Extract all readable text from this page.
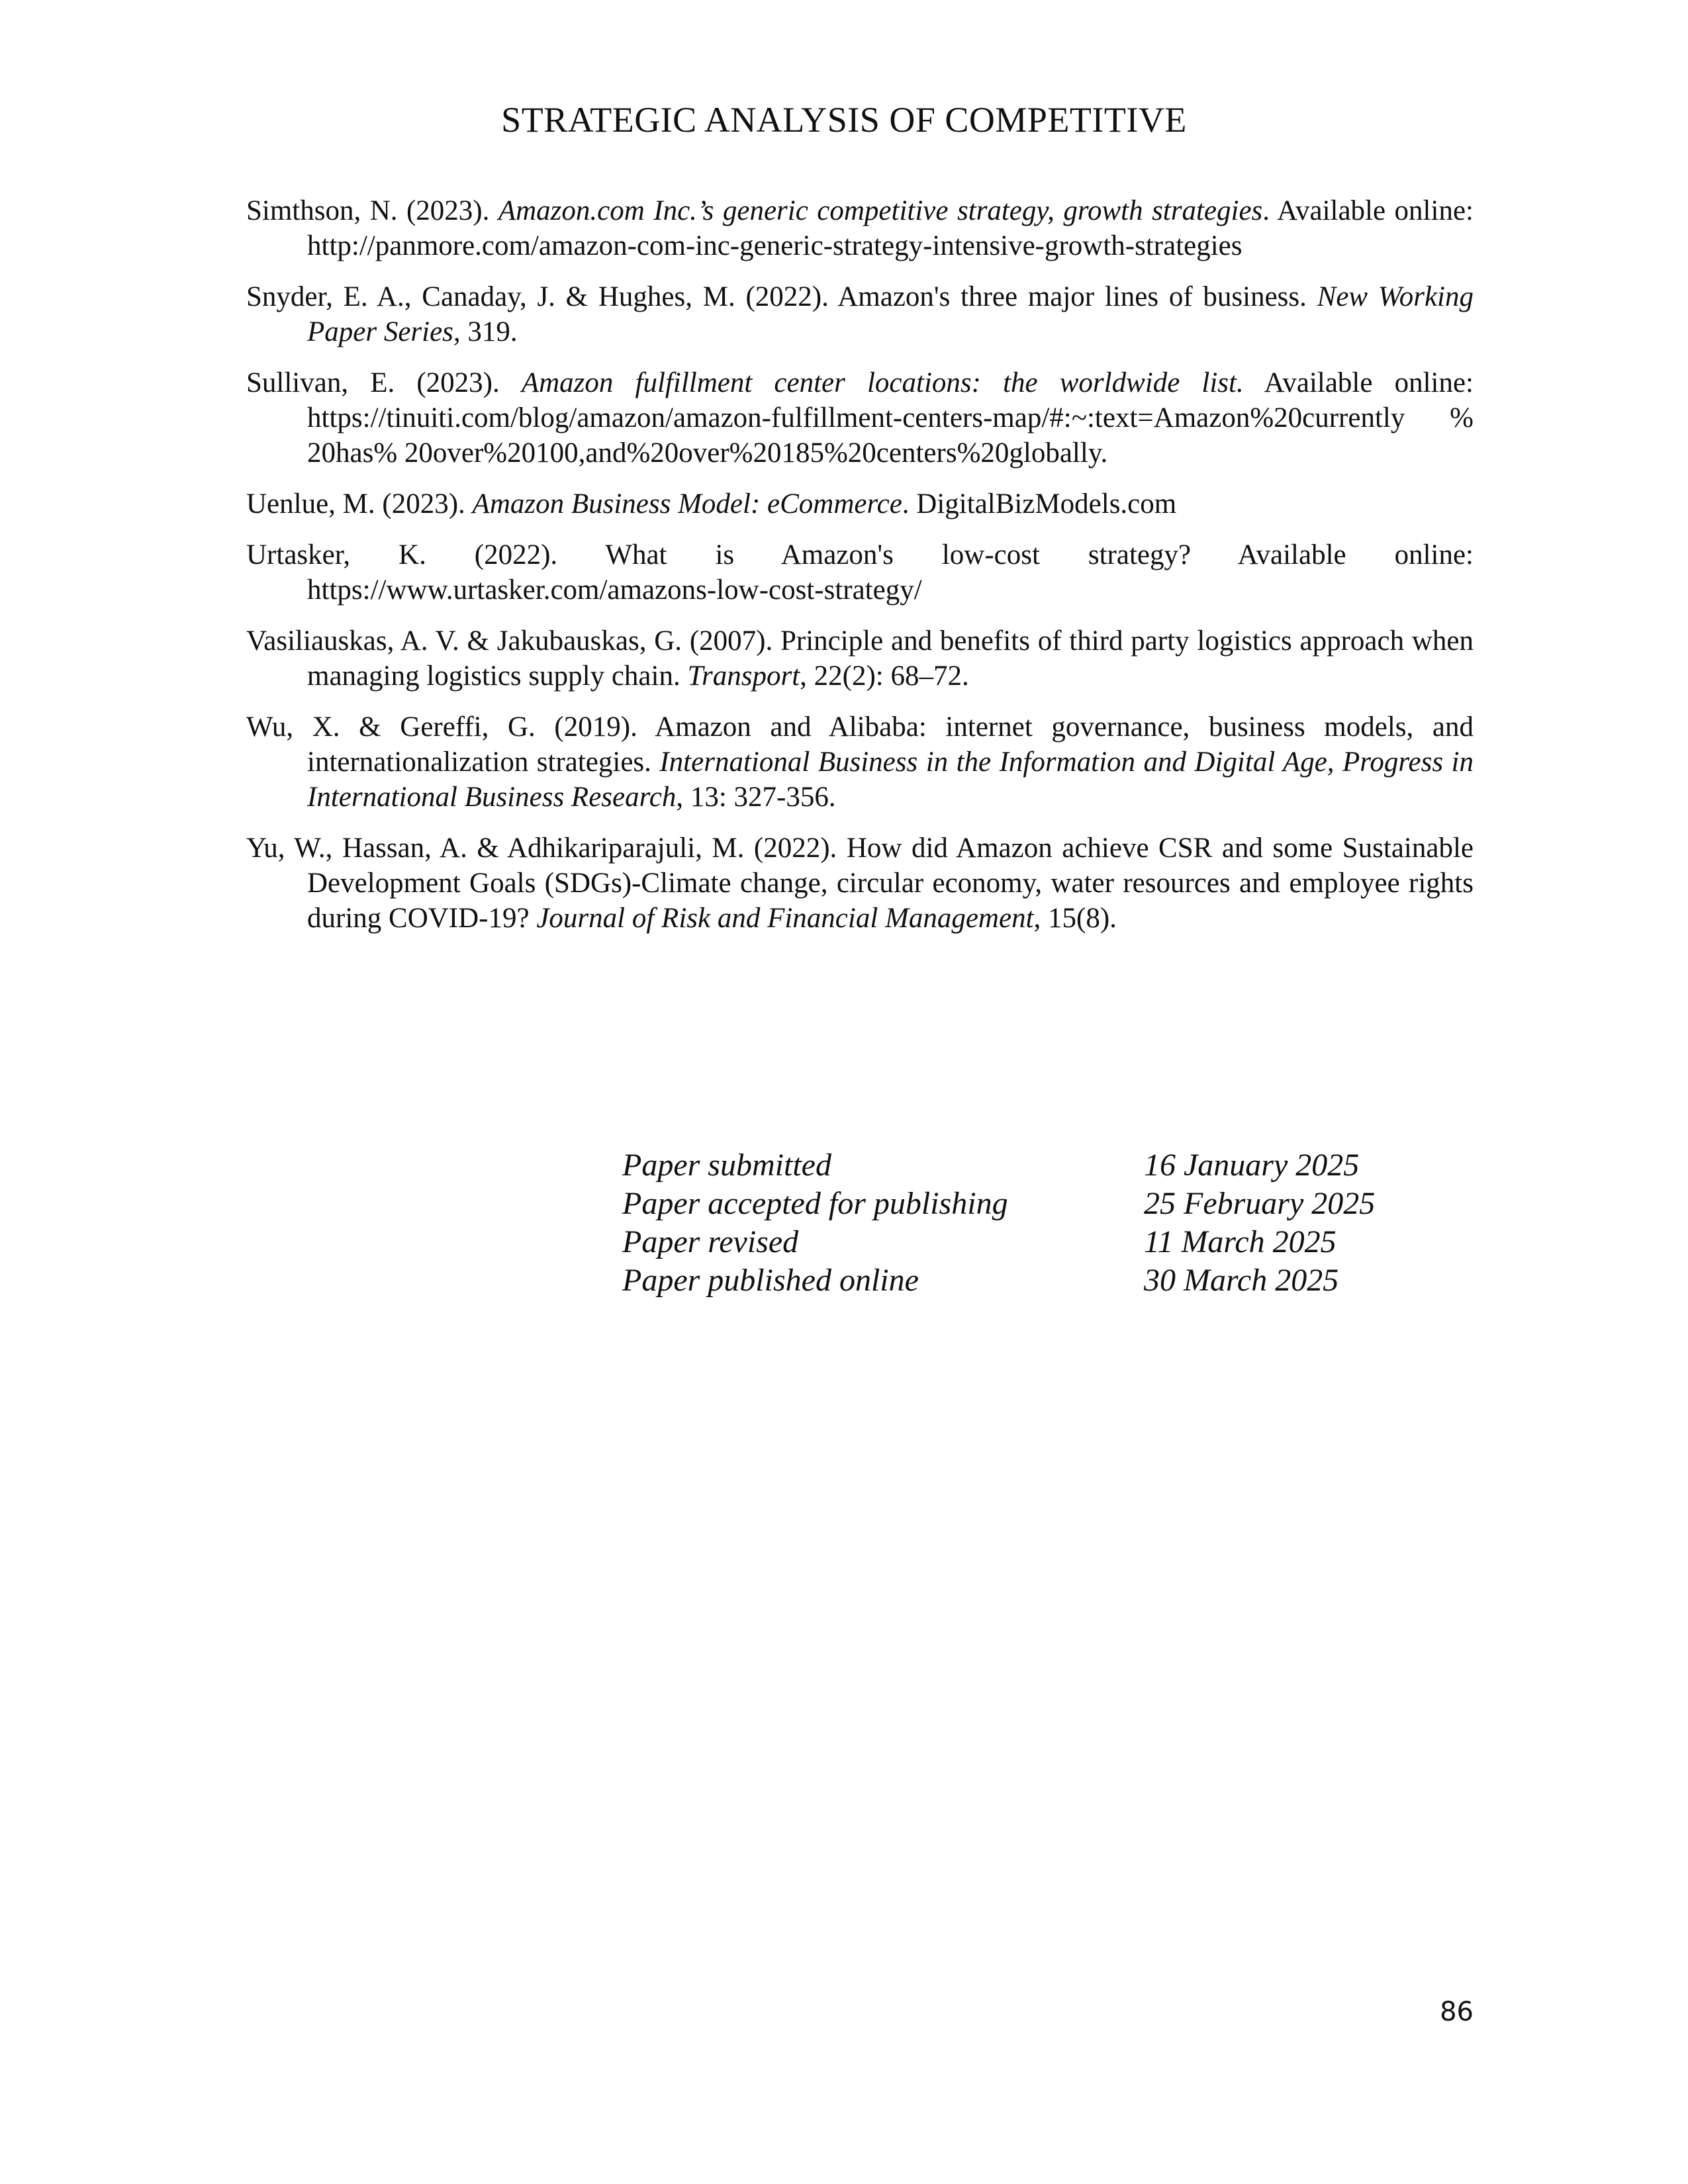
STRATEGIC ANALYSIS OF COMPETITIVE
Simthson, N. (2023). Amazon.com Inc.’s generic competitive strategy, growth strategies. Available online: http://panmore.com/amazon-com-inc-generic-strategy-intensive-growth-strategies
Snyder, E. A., Canaday, J. & Hughes, M. (2022). Amazon's three major lines of business. New Working Paper Series, 319.
Sullivan, E. (2023). Amazon fulfillment center locations: the worldwide list. Available online: https://tinuiti.com/blog/amazon/amazon-fulfillment-centers-map/#:~:text=Amazon%20currently % 20has% 20over%20100,and%20over%20185%20centers%20globally.
Uenlue, M. (2023). Amazon Business Model: eCommerce. DigitalBizModels.com
Urtasker, K. (2022). What is Amazon's low-cost strategy? Available online: https://www.urtasker.com/amazons-low-cost-strategy/
Vasiliauskas, A. V. & Jakubauskas, G. (2007). Principle and benefits of third party logistics approach when managing logistics supply chain. Transport, 22(2): 68–72.
Wu, X. & Gereffi, G. (2019). Amazon and Alibaba: internet governance, business models, and internationalization strategies. International Business in the Information and Digital Age, Progress in International Business Research, 13: 327-356.
Yu, W., Hassan, A. & Adhikariparajuli, M. (2022). How did Amazon achieve CSR and some Sustainable Development Goals (SDGs)-Climate change, circular economy, water resources and employee rights during COVID-19? Journal of Risk and Financial Management, 15(8).
Paper submitted	16 January 2025
Paper accepted for publishing	25 February 2025
Paper revised	11 March 2025
Paper published online	30 March 2025
86
